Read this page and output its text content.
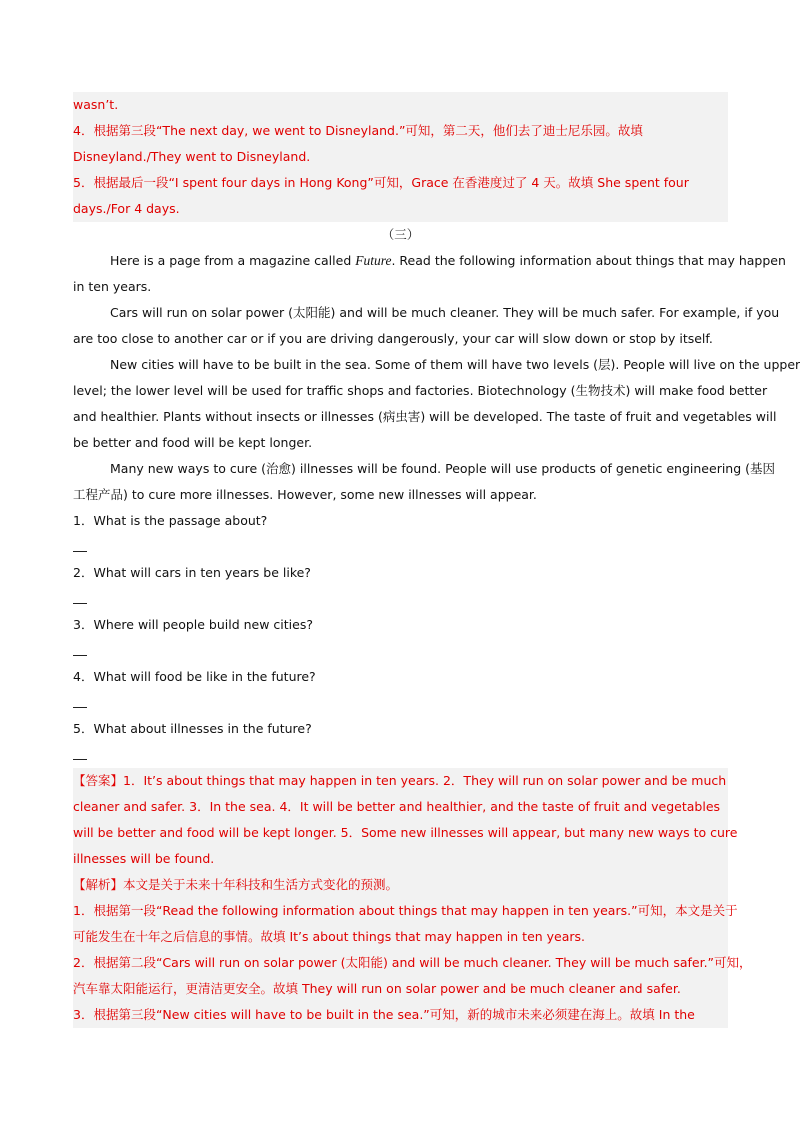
wasn’t.
4．根据第三段“The next day, we went to Disneyland.”可知，第二天，他们去了迪士尼乐园。故填
Disneyland./They went to Disneyland.
5．根据最后一段“I spent four days in Hong Kong”可知，Grace 在香港度过了 4 天。故填 She spent four
days./For 4 days.
（三）
Here is a page from a magazine called Future. Read the following information about things that may happen
in ten years.
Cars will run on solar power (太阳能) and will be much cleaner. They will be much safer. For example, if you
are too close to another car or if you are driving dangerously, your car will slow down or stop by itself.
New cities will have to be built in the sea. Some of them will have two levels (层). People will live on the upper
level; the lower level will be used for traffic shops and factories. Biotechnology (生物技术) will make food better
and healthier. Plants without insects or illnesses (病虫害) will be developed. The taste of fruit and vegetables will
be better and food will be kept longer.
Many new ways to cure (治愈) illnesses will be found. People will use products of genetic engineering (基因
工程产品) to cure more illnesses. However, some new illnesses will appear.
1．What is the passage about?
2．What will cars in ten years be like?
3．Where will people build new cities?
4．What will food be like in the future?
5．What about illnesses in the future?
【答案】1．It’s about things that may happen in ten years. 2．They will run on solar power and be much
cleaner and safer. 3．In the sea. 4．It will be better and healthier, and the taste of fruit and vegetables
will be better and food will be kept longer. 5．Some new illnesses will appear, but many new ways to cure
illnesses will be found.
【解析】本文是关于未来十年科技和生活方式变化的预测。
1．根据第一段“Read the following information about things that may happen in ten years.”可知，本文是关于
可能发生在十年之后信息的事情。故填 It’s about things that may happen in ten years.
2．根据第二段“Cars will run on solar power (太阳能) and will be much cleaner. They will be much safer.”可知，
汽车靠太阳能运行，更清洁更安全。故填 They will run on solar power and be much cleaner and safer.
3．根据第三段“New cities will have to be built in the sea.”可知，新的城市未来必须建在海上。故填 In the
